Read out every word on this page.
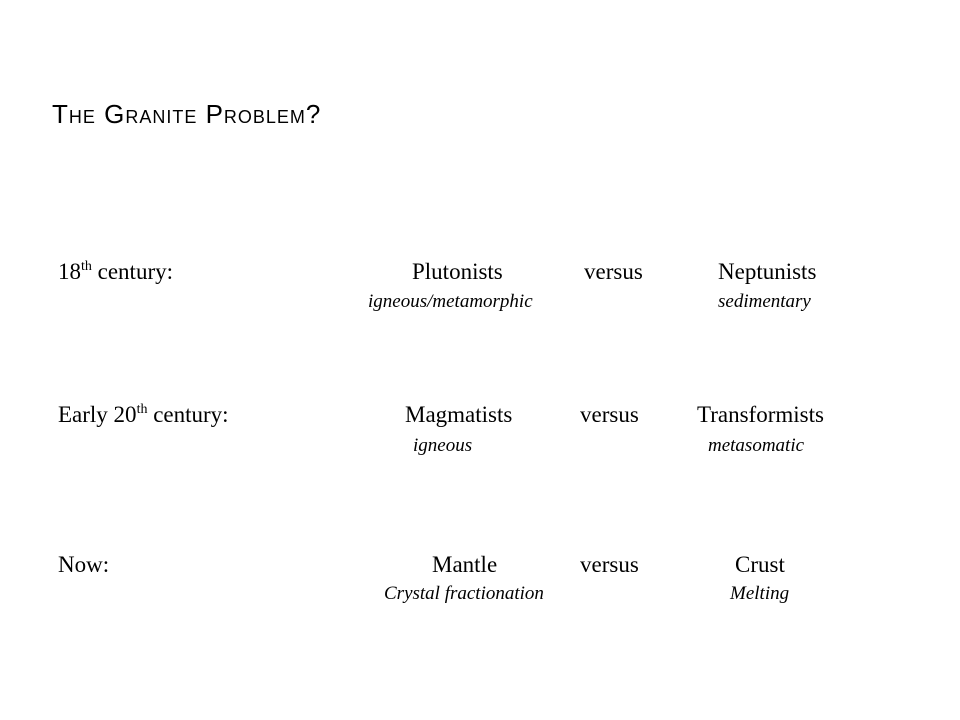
The Granite Problem?
18th century:	Plutonists	versus	Neptunists
igneous/metamorphic	sedimentary
Early 20th century:	Magmatists	versus	Transformists
igneous	metasomatic
Now:	Mantle	versus	Crust
Crystal fractionation	Melting
